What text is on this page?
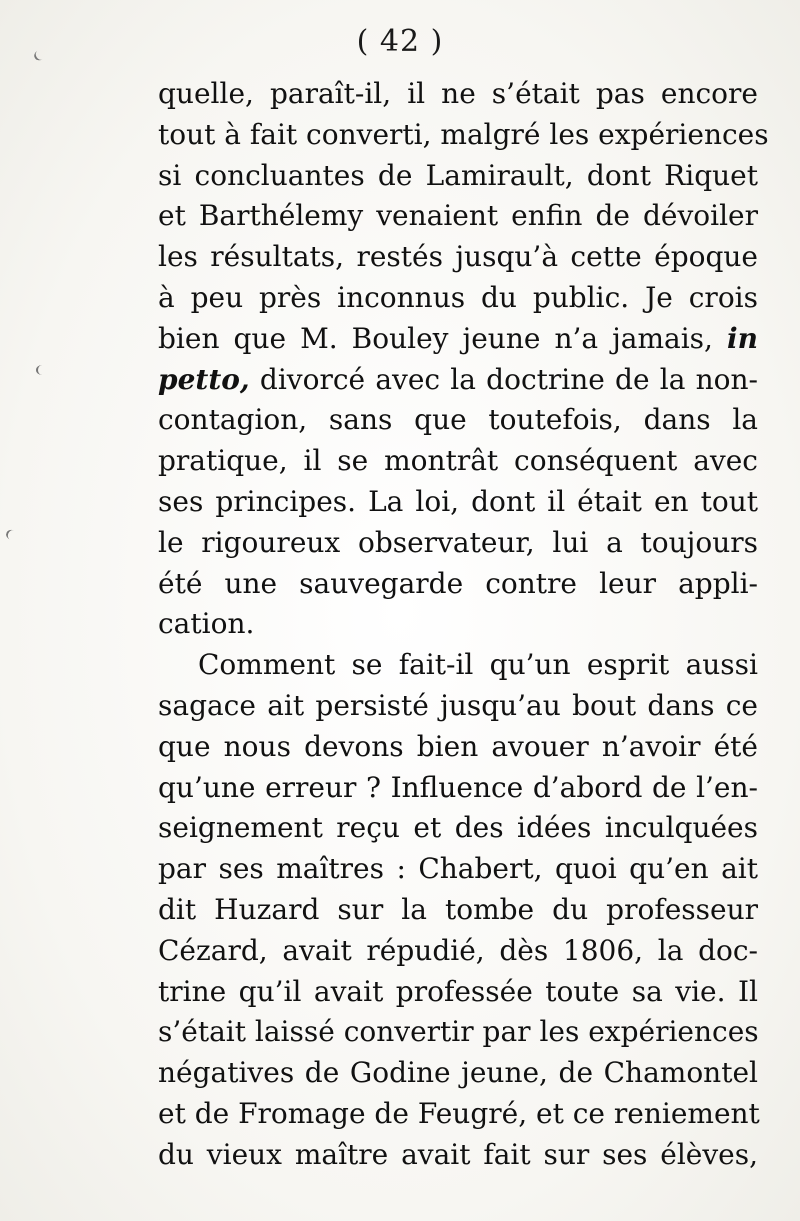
( 42 )
quelle, paraît-il, il ne s’était pas encore
tout à fait converti, malgré les expériences
si concluantes de Lamirault, dont Riquet
et Barthélemy venaient enfin de dévoiler
les résultats, restés jusqu’à cette époque
à peu près inconnus du public. Je crois
bien que M. Bouley jeune n’a jamais, in
petto, divorcé avec la doctrine de la non-
contagion, sans que toutefois, dans la
pratique, il se montrât conséquent avec
ses principes. La loi, dont il était en tout
le rigoureux observateur, lui a toujours
été une sauvegarde contre leur appli-
cation.
Comment se fait-il qu’un esprit aussi
sagace ait persisté jusqu’au bout dans ce
que nous devons bien avouer n’avoir été
qu’une erreur ? Influence d’abord de l’en-
seignement reçu et des idées inculquées
par ses maîtres : Chabert, quoi qu’en ait
dit Huzard sur la tombe du professeur
Cézard, avait répudié, dès 1806, la doc-
trine qu’il avait professée toute sa vie. Il
s’était laissé convertir par les expériences
négatives de Godine jeune, de Chamontel
et de Fromage de Feugré, et ce reniement
du vieux maître avait fait sur ses élèves,
